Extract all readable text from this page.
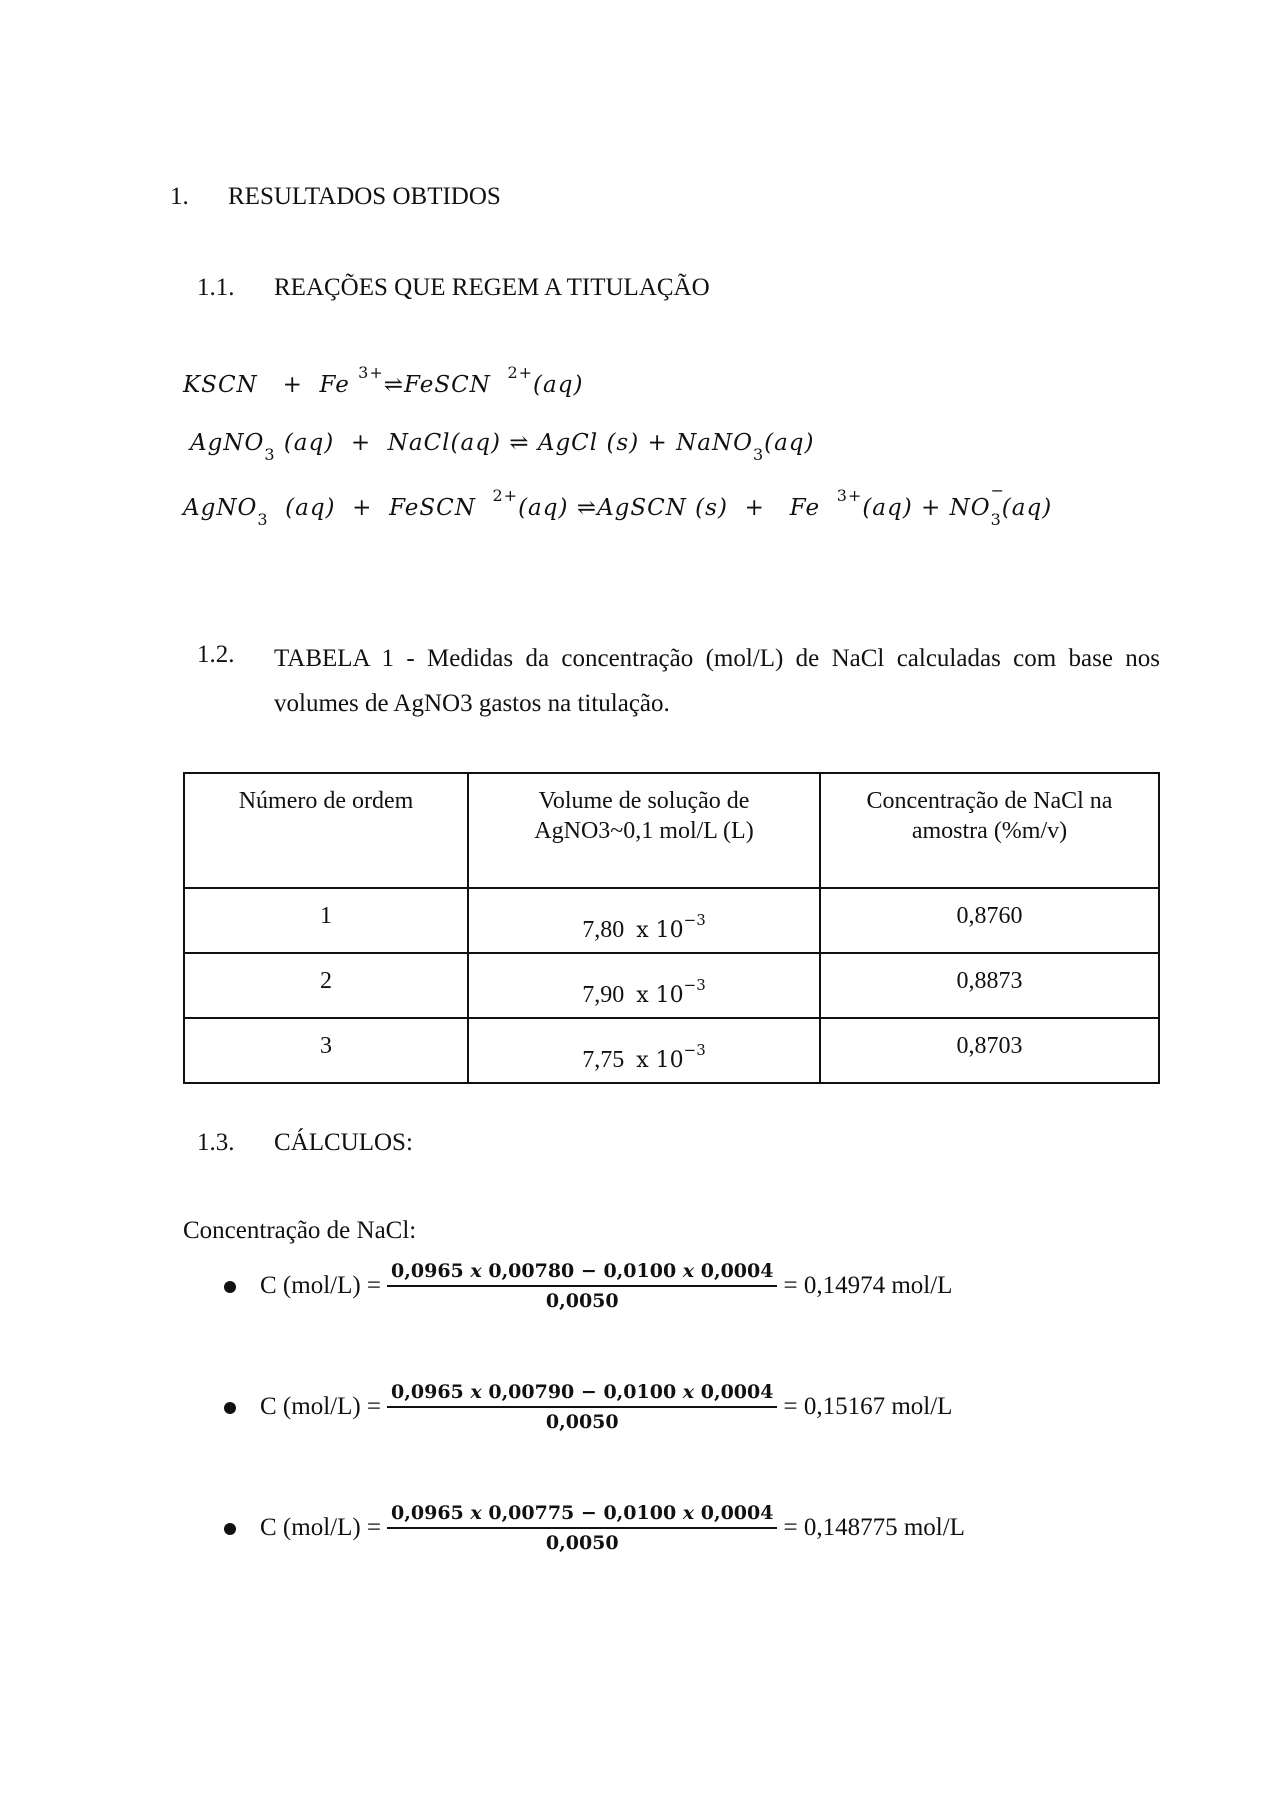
1. RESULTADOS OBTIDOS
1.1. REAÇÕES QUE REGEM A TITULAÇÃO
KSCN + Fe $^{3+}$⇌FeSCN $^{2+}$(aq)
AgNO$_3$ (aq) + NaCl(aq) ⇌ AgCl (s) + NaNO$_3$(aq)
AgNO$_3$ (aq) + FeSCN $^{2+}$(aq) ⇌AgSCN (s) + Fe $^{3+}$(aq) + NO
−
$_3$(aq)
1.2. TABELA 1 - Medidas da concentração (mol/L) de NaCl calculadas com base nos volumes de AgNO3 gastos na titulação.
Número de ordem	Volume de solução de AgNO3~0,1 mol/L (L)	Concentração de NaCl na amostra (%m/v)
1	7,80 x $10^{-3}$	0,8760
2	7,90 x $10^{-3}$	0,8873
3	7,75 x $10^{-3}$	0,8703
1.3. CÁLCULOS:
Concentração de NaCl:
C $(mol/L) = \frac{0,0965 x 0,00780 - 0,0100 x 0,0004}{0,0050} = 0,14974$ mol/L
C $(mol/L) = \frac{0,0965 x 0,00790 - 0,0100 x 0,0004}{0,0050} = 0,15167$ mol/L
C $(mol/L) = \frac{0,0965 x 0,00775 - 0,0100 x 0,0004}{0,0050} = 0,148775$ mol/L
